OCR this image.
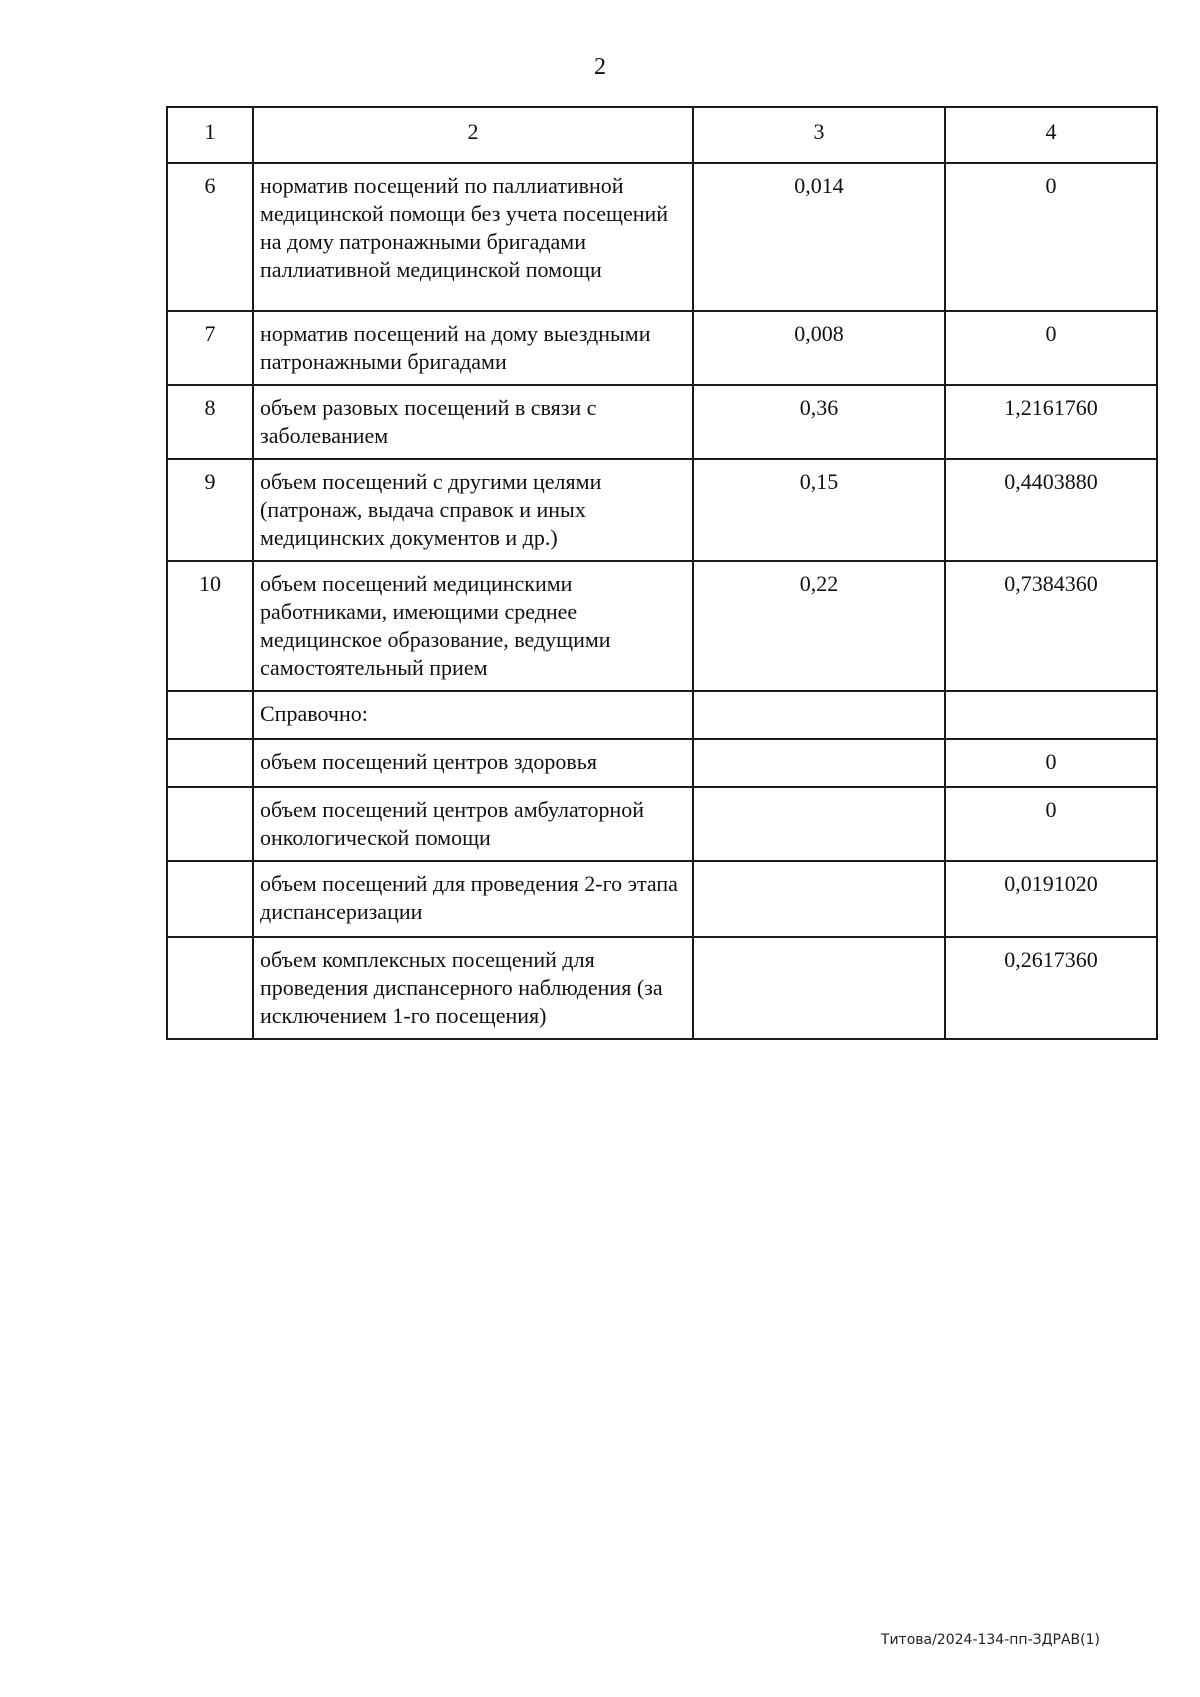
2
1	2	3	4
6	норматив посещений по паллиативной медицинской помощи без учета посещений на дому патронажными бригадами паллиативной медицинской помощи	0,014	0
7	норматив посещений на дому выездными патронажными бригадами	0,008	0
8	объем разовых посещений в связи с заболеванием	0,36	1,2161760
9	объем посещений с другими целями (патронаж, выдача справок и иных медицинских документов и др.)	0,15	0,4403880
10	объем посещений медицинскими работниками, имеющими среднее медицинское образование, ведущими самостоятельный прием	0,22	0,7384360
	Справочно:		
	объем посещений центров здоровья		0
	объем посещений центров амбулаторной онкологической помощи		0
	объем посещений для проведения 2-го этапа диспансеризации		0,0191020
	объем комплексных посещений для проведения диспансерного наблюдения (за исключением 1-го посещения)		0,2617360
Титова/2024-134-пп-ЗДРАВ(1)
